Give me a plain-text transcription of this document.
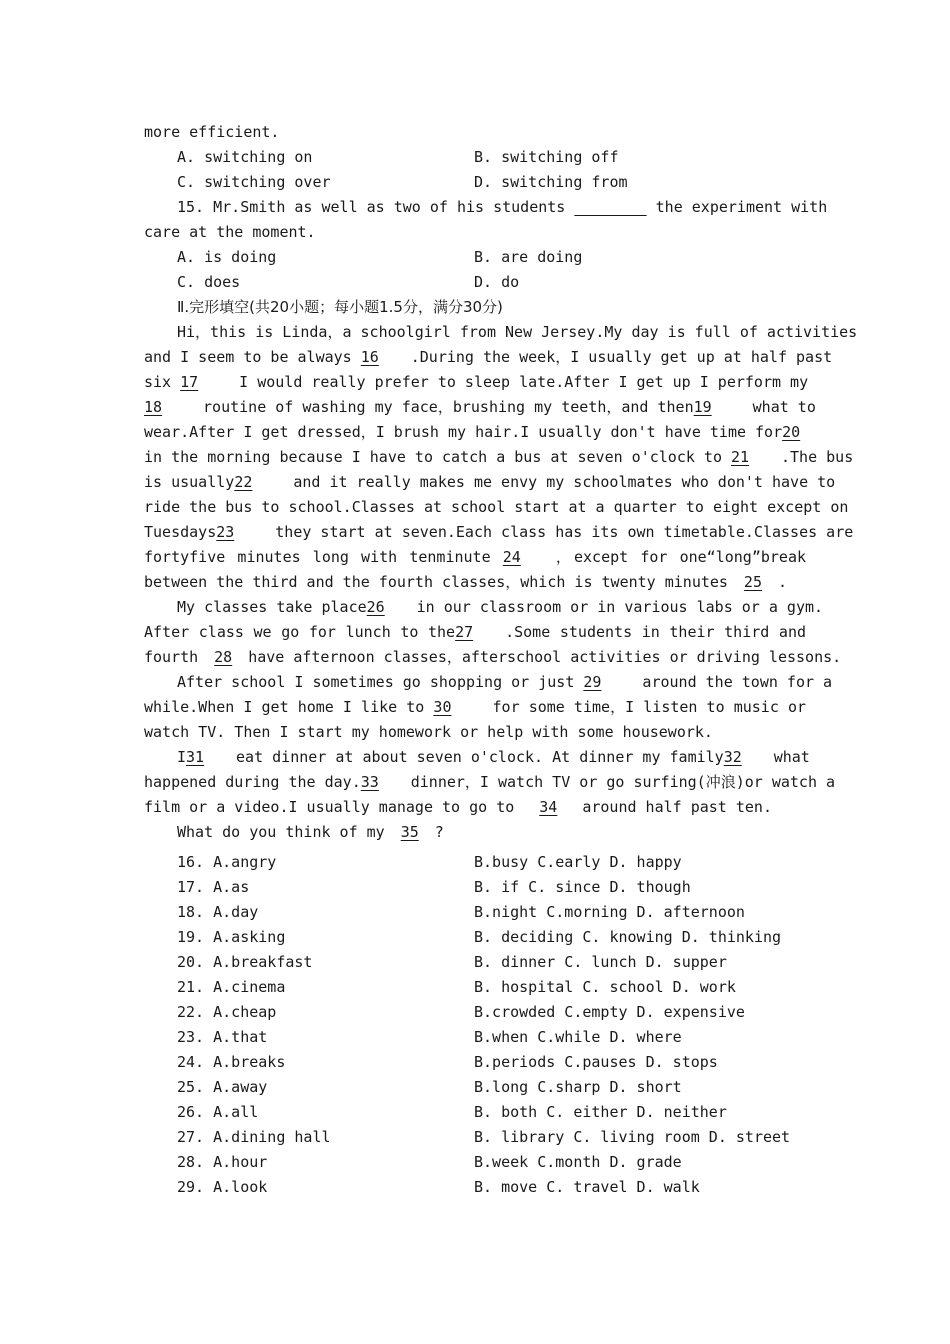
more efficient.
A. switching on	B. switching off
C. switching over	D. switching from
15. Mr.Smith as well as two of his students	the experiment with
care at the moment.
A. is doing	B. are doing
C. does	D. do
Ⅱ.完形填空(共20小题；每小题1.5分，满分30分)
Hi，this is Linda，a schoolgirl from New Jersey.My day is full of activities
and I seem to be always 16 .During the week，I usually get up at half past
six 17 I would really prefer to sleep late.After I get up I perform my
18 routine of washing my face，brushing my teeth，and then19 what to
wear.After I get dressed，I brush my hair.I usually don't have time for20
in the morning because I have to catch a bus at seven o'clock to 21 .The bus
is usually22 and it really makes me envy my schoolmates who don't have to
ride the bus to school.Classes at school start at a quarter to eight except on
Tuesdays23 they start at seven.Each class has its own timetable.Classes are
fortyfive minutes long with tenminute 24 ，except for one“long”break
between the third and the fourth classes，which is twenty minutes 25 .
My classes take place26 in our classroom or in various labs or a gym.
After class we go for lunch to the27 .Some students in their third and
fourth 28 have afternoon classes，afterschool activities or driving lessons.
After school I sometimes go shopping or just 29 around the town for a
while.When I get home I like to 30 for some time，I listen to music or
watch TV. Then I start my homework or help with some housework.
I31 eat dinner at about seven o'clock. At dinner my family32 what
happened during the day.33 dinner，I watch TV or go surfing(冲浪)or watch a
film or a video.I usually manage to go to 34 around half past ten.
What do you think of my 35 ?
16. A.angry	B.busy C.early D. happy
17. A.as	B. if C. since D. though
18. A.day	B.night C.morning D. afternoon
19. A.asking	B. deciding C. knowing D. thinking
20. A.breakfast	B. dinner C. lunch D. supper
21. A.cinema	B. hospital C. school D. work
22. A.cheap	B.crowded C.empty D. expensive
23. A.that	B.when C.while D. where
24. A.breaks	B.periods C.pauses D. stops
25. A.away	B.long C.sharp D. short
26. A.all	B. both C. either D. neither
27. A.dining hall	B. library C. living room D. street
28. A.hour	B.week C.month D. grade
29. A.look	B. move C. travel D. walk
